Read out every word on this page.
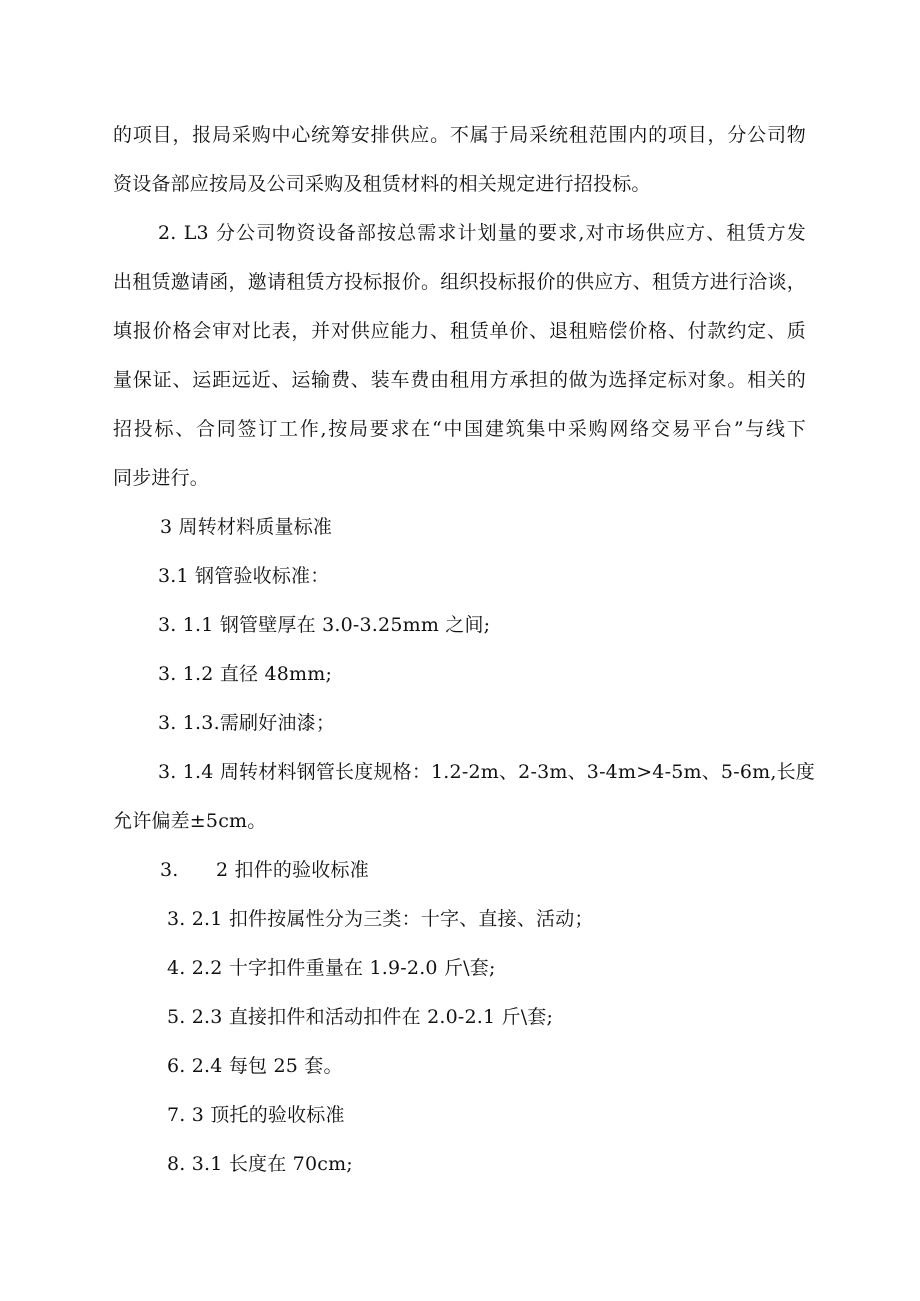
的项目，报局采购中心统筹安排供应。不属于局采统租范围内的项目，分公司物
资设备部应按局及公司采购及租赁材料的相关规定进行招投标。
2. L3 分公司物资设备部按总需求计划量的要求,对市场供应方、租赁方发
出租赁邀请函，邀请租赁方投标报价。组织投标报价的供应方、租赁方进行洽谈，
填报价格会审对比表，并对供应能力、租赁单价、退租赔偿价格、付款约定、质
量保证、运距远近、运输费、装车费由租用方承担的做为选择定标对象。相关的
招投标、合同签订工作,按局要求在“中国建筑集中采购网络交易平台”与线下
同步进行。
3 周转材料质量标准
3.1 钢管验收标准：
3. 1.1 钢管壁厚在 3.0-3.25mm 之间;
3. 1.2 直径 48mm;
3. 1.3.需刷好油漆；
3. 1.4 周转材料钢管长度规格：1.2-2m、2-3m、3-4m>4-5m、5-6m,长度
允许偏差±5cm。
3.      2 扣件的验收标准
3. 2.1 扣件按属性分为三类：十字、直接、活动；
4. 2.2 十字扣件重量在 1.9-2.0 斤\套;
5. 2.3 直接扣件和活动扣件在 2.0-2.1 斤\套;
6. 2.4 每包 25 套。
7. 3 顶托的验收标准
8. 3.1 长度在 70cm;
